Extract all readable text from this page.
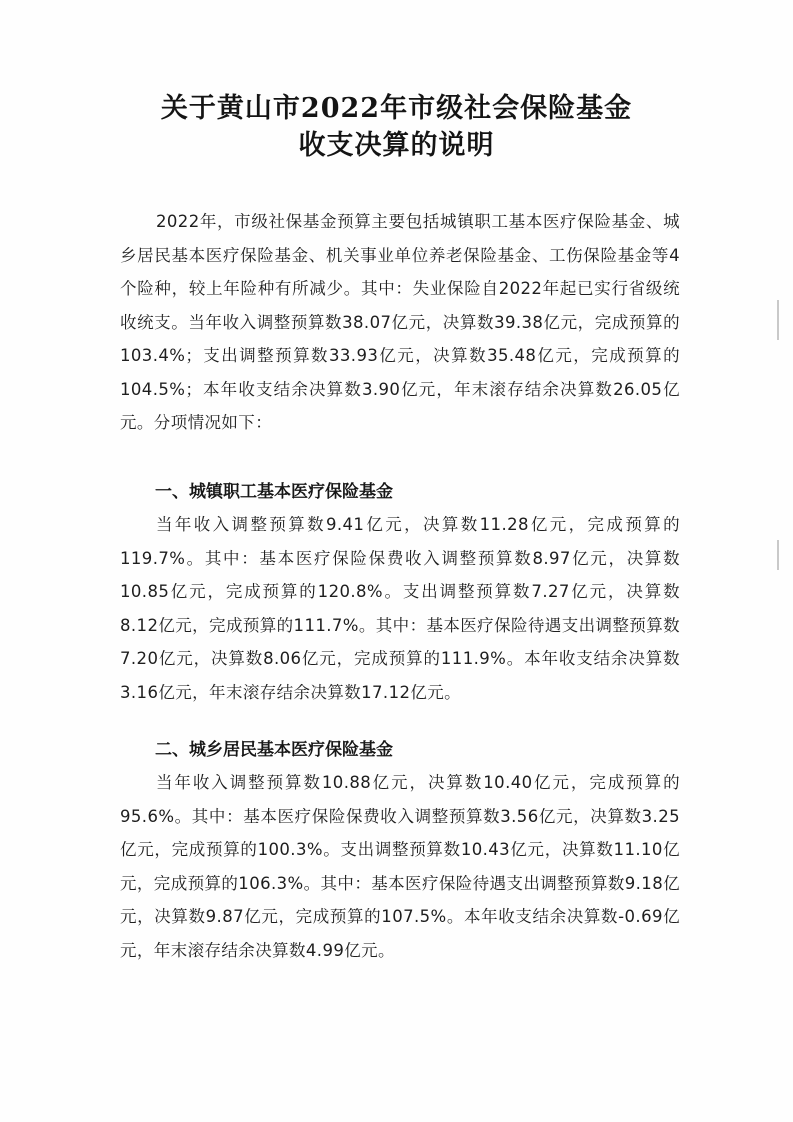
关于黄山市2022年市级社会保险基金
收支决算的说明

2022年，市级社保基金预算主要包括城镇职工基本医疗保险基金、城乡居民基本医疗保险基金、机关事业单位养老保险基金、工伤保险基金等4个险种，较上年险种有所减少。其中：失业保险自2022年起已实行省级统收统支。当年收入调整预算数38.07亿元，决算数39.38亿元，完成预算的103.4%；支出调整预算数33.93亿元，决算数35.48亿元，完成预算的104.5%；本年收支结余决算数3.90亿元，年末滚存结余决算数26.05亿元。分项情况如下：

一、城镇职工基本医疗保险基金

当年收入调整预算数9.41亿元，决算数11.28亿元，完成预算的119.7%。其中：基本医疗保险保费收入调整预算数8.97亿元，决算数10.85亿元，完成预算的120.8%。支出调整预算数7.27亿元，决算数8.12亿元，完成预算的111.7%。其中：基本医疗保险待遇支出调整预算数7.20亿元，决算数8.06亿元，完成预算的111.9%。本年收支结余决算数3.16亿元，年末滚存结余决算数17.12亿元。

二、城乡居民基本医疗保险基金

当年收入调整预算数10.88亿元，决算数10.40亿元，完成预算的95.6%。其中：基本医疗保险保费收入调整预算数3.56亿元，决算数3.25亿元，完成预算的100.3%。支出调整预算数10.43亿元，决算数11.10亿元，完成预算的106.3%。其中：基本医疗保险待遇支出调整预算数9.18亿元，决算数9.87亿元，完成预算的107.5%。本年收支结余决算数-0.69亿元，年末滚存结余决算数4.99亿元。
